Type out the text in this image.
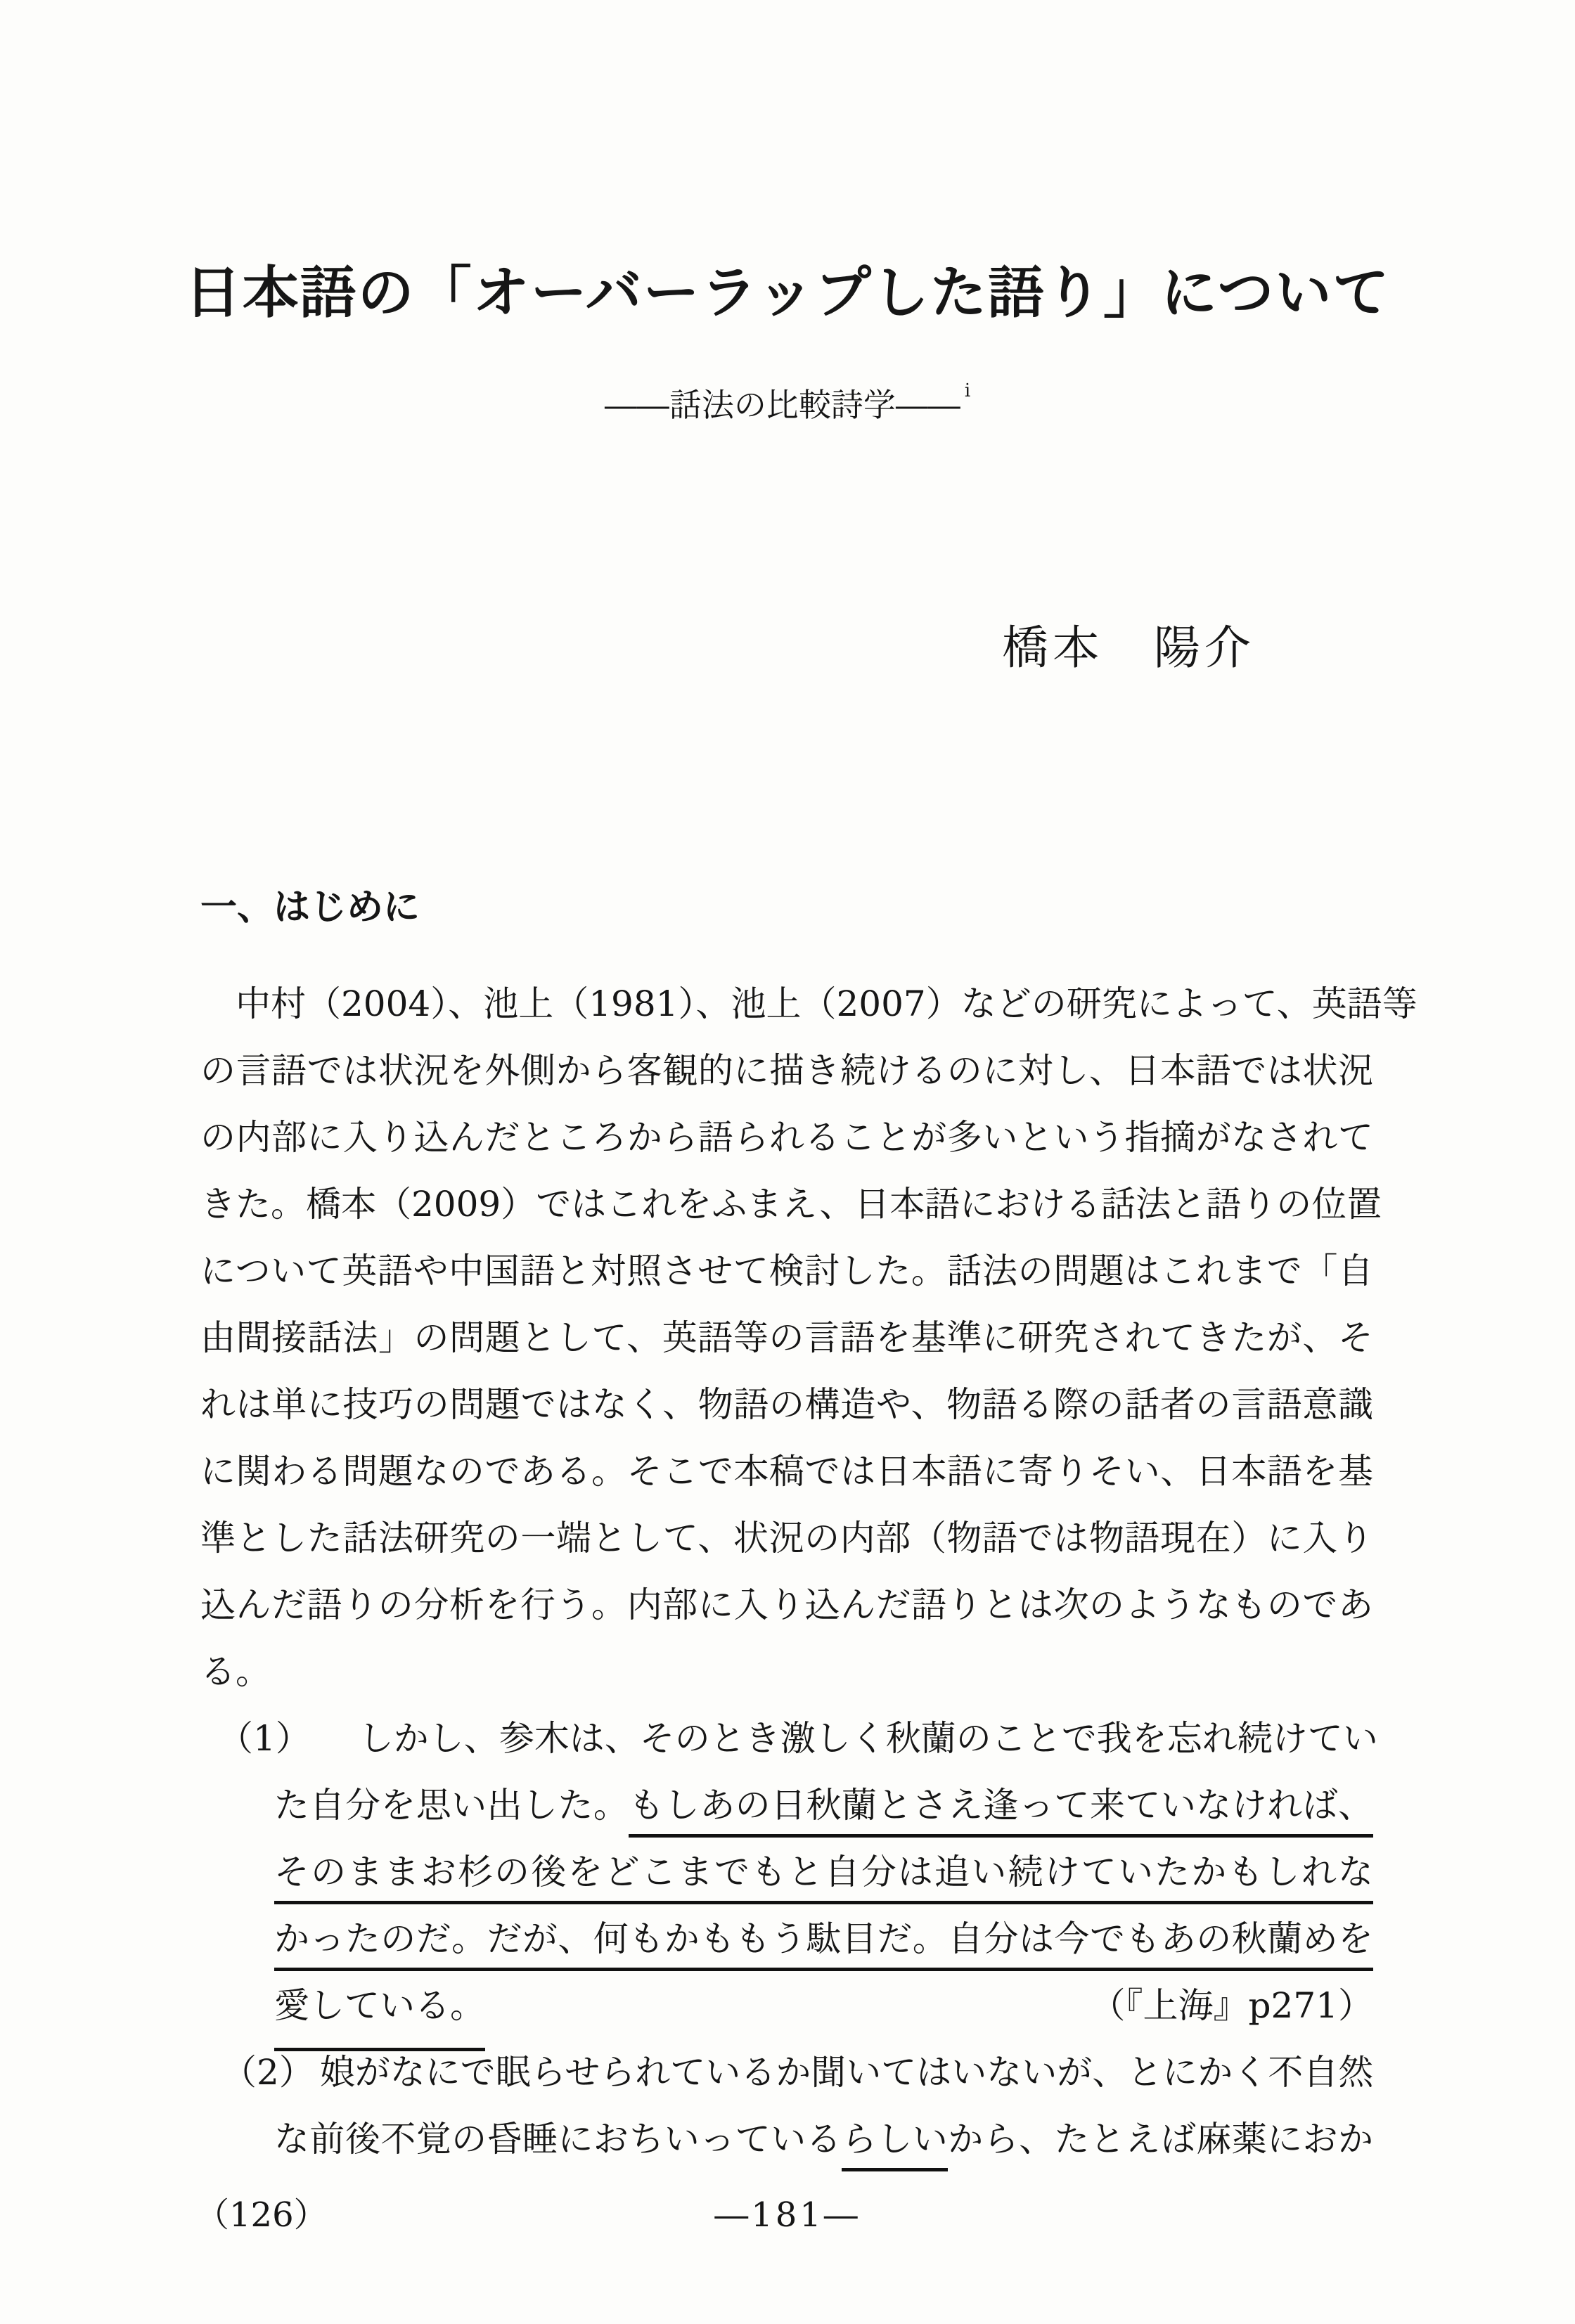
日本語の「オーバーラップした語り」について
――話法の比較詩学―― $^i$
橋本　陽介
一、はじめに
中村（2004）、池上（1981）、池上（2007）などの研究によって、英語等
の言語では状況を外側から客観的に描き続けるのに対し、日本語では状況
の内部に入り込んだところから語られることが多いという指摘がなされて
きた。橋本（2009）ではこれをふまえ、日本語における話法と語りの位置
について英語や中国語と対照させて検討した。話法の問題はこれまで「自
由間接話法」の問題として、英語等の言語を基準に研究されてきたが、そ
れは単に技巧の問題ではなく、物語の構造や、物語る際の話者の言語意識
に関わる問題なのである。そこで本稿では日本語に寄りそい、日本語を基
準とした話法研究の一端として、状況の内部（物語では物語現在）に入り
込んだ語りの分析を行う。内部に入り込んだ語りとは次のようなものであ
る。
（1） しかし、参木は、そのとき激しく秋蘭のことで我を忘れ続けてい
た自分を思い出した。もしあの日秋蘭とさえ逢って来ていなければ、
そのままお杉の後をどこまでもと自分は追い続けていたかもしれな
かったのだ。だが、何もかももう駄目だ。自分は今でもあの秋蘭めを
愛している。	（『上海』p271）
（2） 娘がなにで眠らせられているか聞いてはいないが、とにかく不自然
な前後不覚の昏睡におちいっているらしいから、たとえば麻薬におか
（126）	―181―
